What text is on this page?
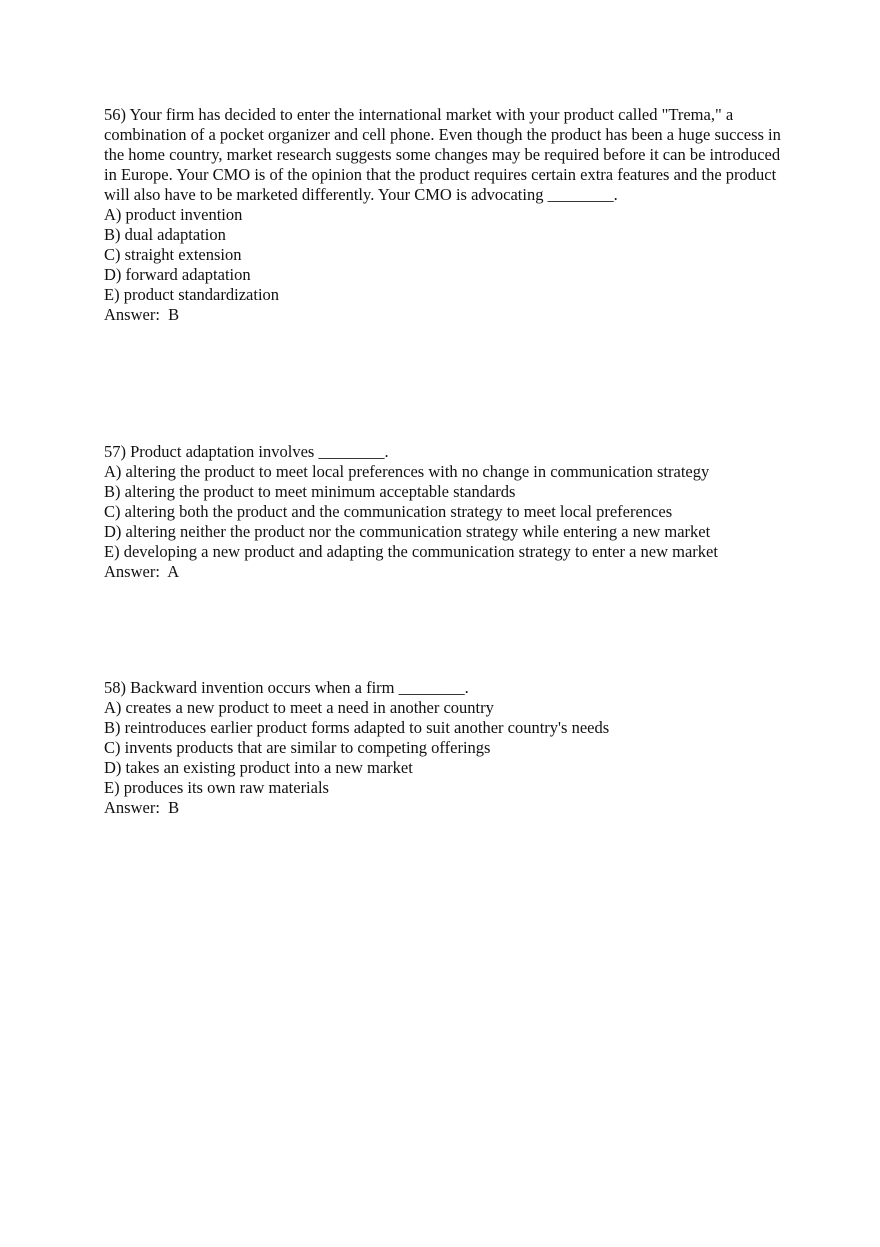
56) Your firm has decided to enter the international market with your product called "Trema," a combination of a pocket organizer and cell phone. Even though the product has been a huge success in the home country, market research suggests some changes may be required before it can be introduced in Europe. Your CMO is of the opinion that the product requires certain extra features and the product will also have to be marketed differently. Your CMO is advocating ________.

A) product invention
B) dual adaptation
C) straight extension
D) forward adaptation
E) product standardization

Answer:  B

57) Product adaptation involves ________.

A) altering the product to meet local preferences with no change in communication strategy
B) altering the product to meet minimum acceptable standards
C) altering both the product and the communication strategy to meet local preferences
D) altering neither the product nor the communication strategy while entering a new market
E) developing a new product and adapting the communication strategy to enter a new market

Answer:  A

58) Backward invention occurs when a firm ________.

A) creates a new product to meet a need in another country
B) reintroduces earlier product forms adapted to suit another country's needs
C) invents products that are similar to competing offerings
D) takes an existing product into a new market
E) produces its own raw materials

Answer:  B
